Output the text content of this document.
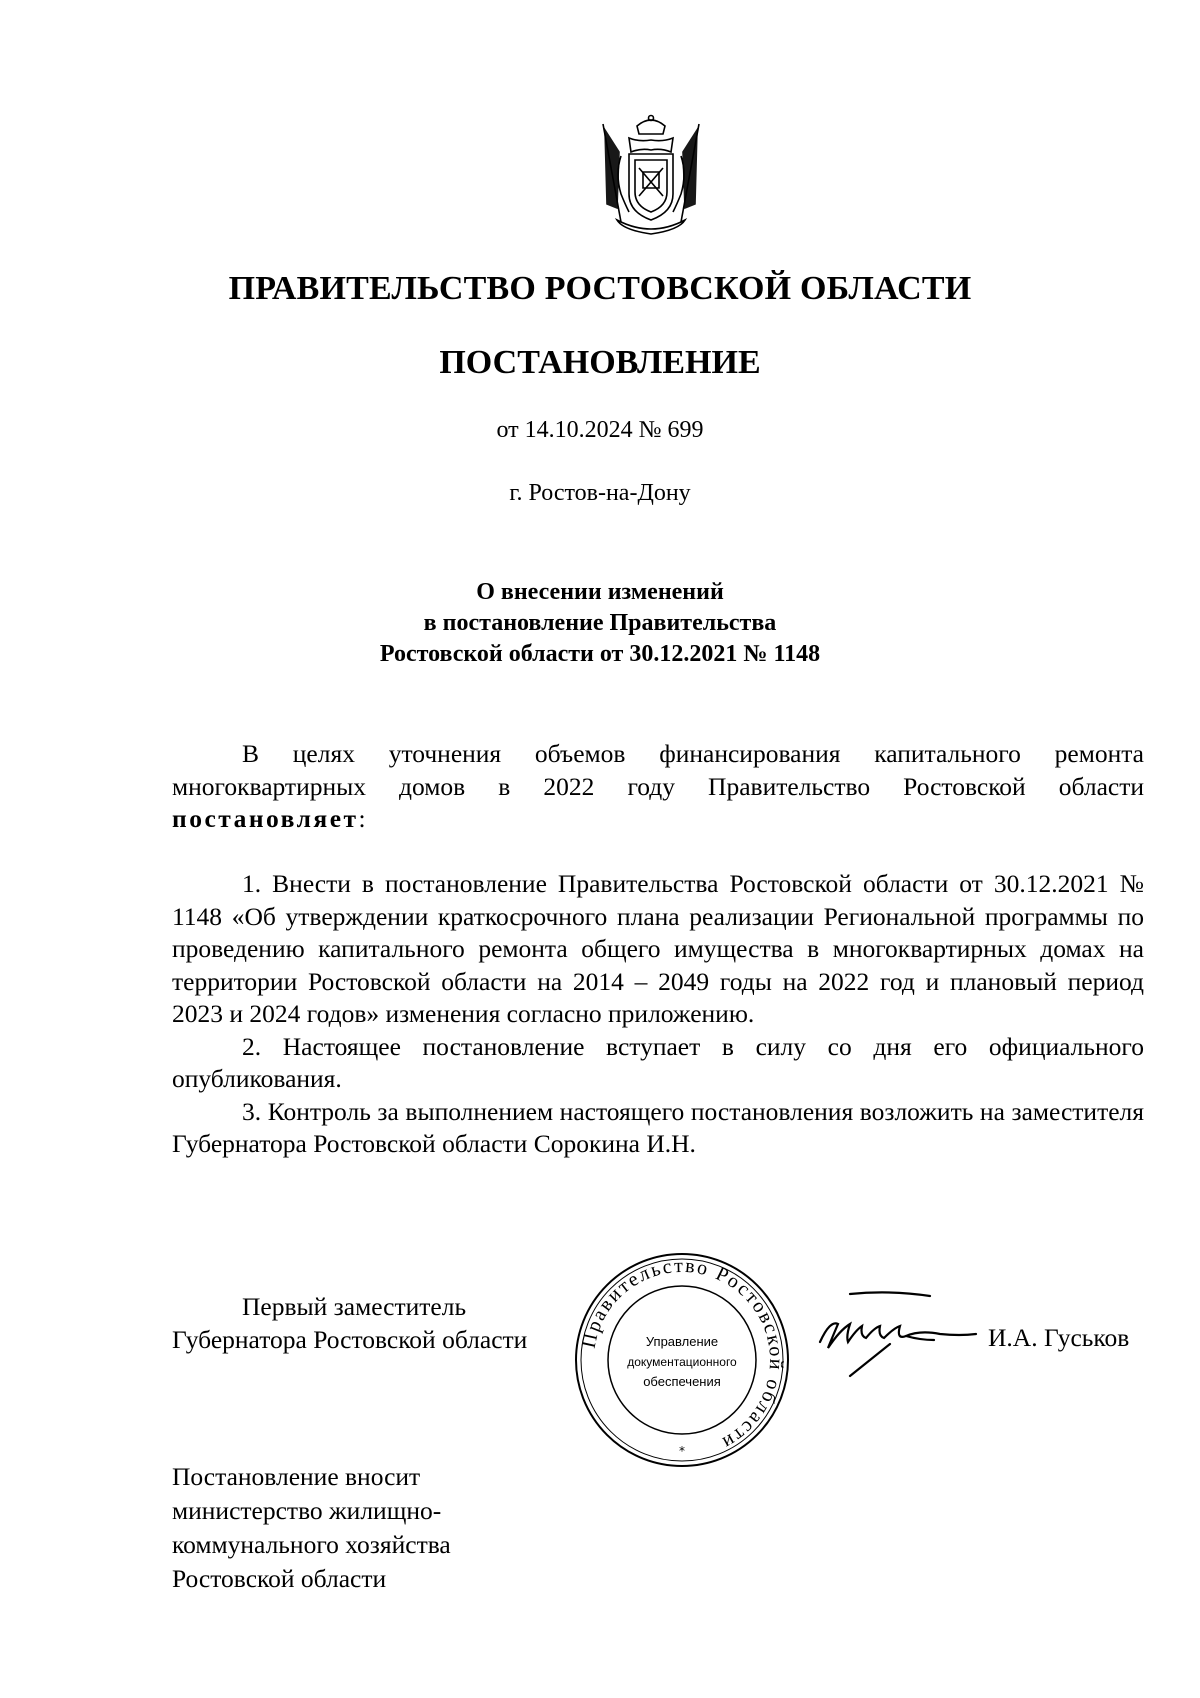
ПРАВИТЕЛЬСТВО РОСТОВСКОЙ ОБЛАСТИ
ПОСТАНОВЛЕНИЕ
от 14.10.2024 № 699
г. Ростов-на-Дону
О внесении изменений
в постановление Правительства
Ростовской области от 30.12.2021 № 1148
В целях уточнения объемов финансирования капитального ремонта многоквартирных домов в 2022 году Правительство Ростовской области постановляет:

1. Внести в постановление Правительства Ростовской области от 30.12.2021 № 1148 «Об утверждении краткосрочного плана реализации Региональной программы по проведению капитального ремонта общего имущества в многоквартирных домах на территории Ростовской области на 2014 – 2049 годы на 2022 год и плановый период 2023 и 2024 годов» изменения согласно приложению.

2. Настоящее постановление вступает в силу со дня его официального опубликования.

3. Контроль за выполнением настоящего постановления возложить на заместителя Губернатора Ростовской области Сорокина И.Н.

Первый заместитель
Губернатора Ростовской области	Правительство Ростовской области
Управление
документационного
обеспечения
*
И.А. Гуськов
Постановление вносит
министерство жилищно-
коммунального хозяйства
Ростовской области
